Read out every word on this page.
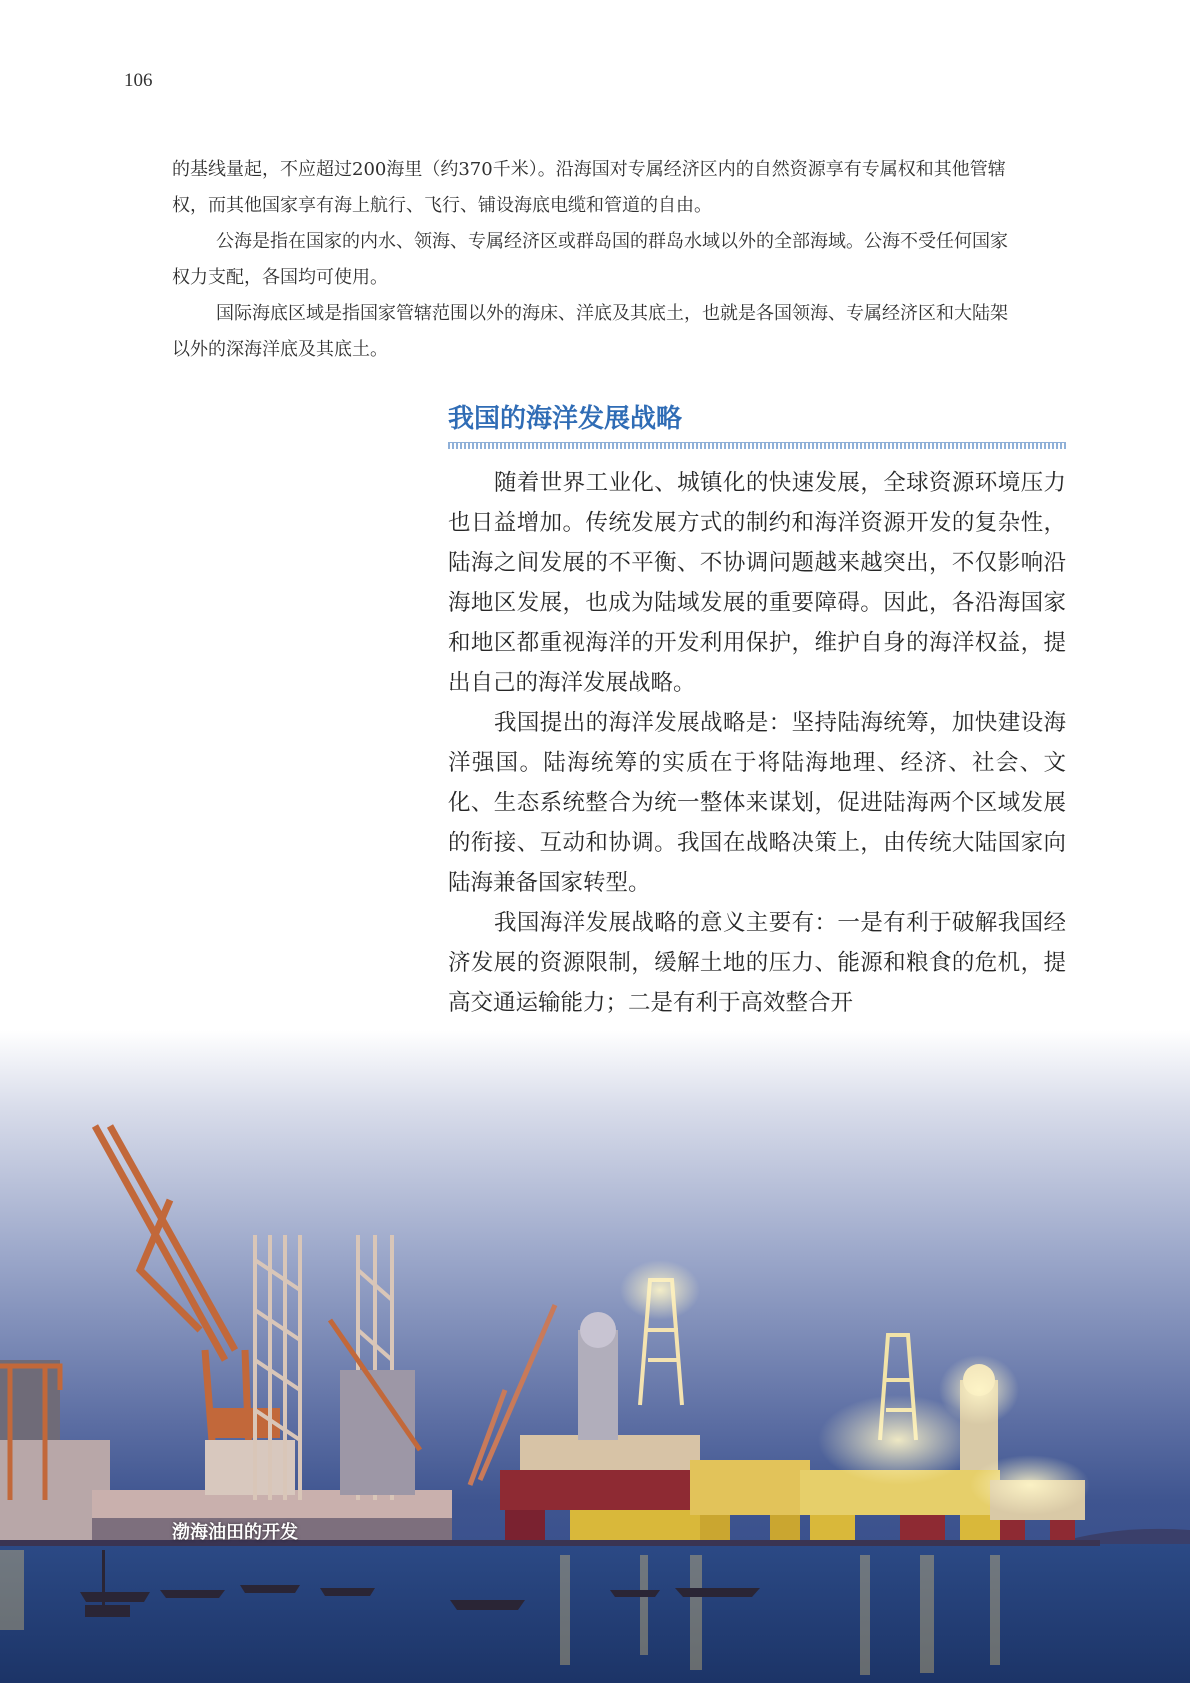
106

的基线量起，不应超过200海里（约370千米）。沿海国对专属经济区内的自然资源享有专属权和其他管辖权，而其他国家享有海上航行、飞行、铺设海底电缆和管道的自由。

公海是指在国家的内水、领海、专属经济区或群岛国的群岛水域以外的全部海域。公海不受任何国家权力支配，各国均可使用。

国际海底区域是指国家管辖范围以外的海床、洋底及其底土，也就是各国领海、专属经济区和大陆架以外的深海洋底及其底土。

我国的海洋发展战略

随着世界工业化、城镇化的快速发展，全球资源环境压力也日益增加。传统发展方式的制约和海洋资源开发的复杂性，陆海之间发展的不平衡、不协调问题越来越突出，不仅影响沿海地区发展，也成为陆域发展的重要障碍。因此，各沿海国家和地区都重视海洋的开发利用保护，维护自身的海洋权益，提出自己的海洋发展战略。

我国提出的海洋发展战略是：坚持陆海统筹，加快建设海洋强国。陆海统筹的实质在于将陆海地理、经济、社会、文化、生态系统整合为统一整体来谋划，促进陆海两个区域发展的衔接、互动和协调。我国在战略决策上，由传统大陆国家向陆海兼备国家转型。

我国海洋发展战略的意义主要有：一是有利于破解我国经济发展的资源限制，缓解土地的压力、能源和粮食的危机，提高交通运输能力；二是有利于高效整合开

渤海油田的开发
